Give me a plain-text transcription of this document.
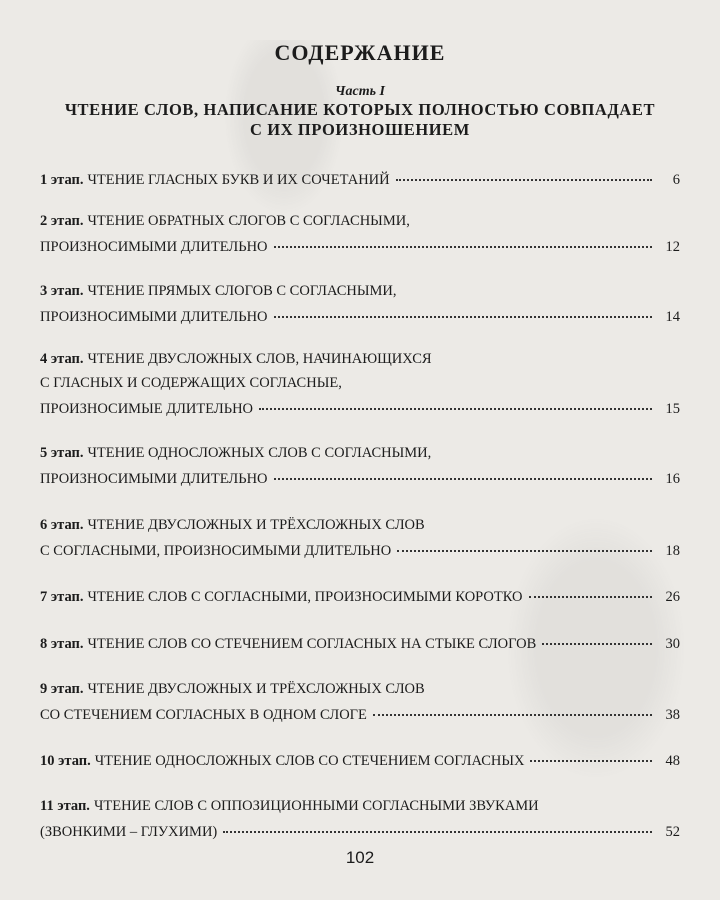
СОДЕРЖАНИЕ
Часть I
ЧТЕНИЕ СЛОВ, НАПИСАНИЕ КОТОРЫХ ПОЛНОСТЬЮ СОВПАДАЕТ С ИХ ПРОИЗНОШЕНИЕМ
1 этап. ЧТЕНИЕ ГЛАСНЫХ БУКВ И ИХ СОЧЕТАНИЙ	6
2 этап. ЧТЕНИЕ ОБРАТНЫХ СЛОГОВ С СОГЛАСНЫМИ,
ПРОИЗНОСИМЫМИ ДЛИТЕЛЬНО	12
3 этап. ЧТЕНИЕ ПРЯМЫХ СЛОГОВ С СОГЛАСНЫМИ,
ПРОИЗНОСИМЫМИ ДЛИТЕЛЬНО	14
4 этап. ЧТЕНИЕ ДВУСЛОЖНЫХ СЛОВ, НАЧИНАЮЩИХСЯ
С ГЛАСНЫХ И СОДЕРЖАЩИХ СОГЛАСНЫЕ,
ПРОИЗНОСИМЫЕ ДЛИТЕЛЬНО	15
5 этап. ЧТЕНИЕ ОДНОСЛОЖНЫХ СЛОВ С СОГЛАСНЫМИ,
ПРОИЗНОСИМЫМИ ДЛИТЕЛЬНО	16
6 этап. ЧТЕНИЕ ДВУСЛОЖНЫХ И ТРЁХСЛОЖНЫХ СЛОВ
С СОГЛАСНЫМИ, ПРОИЗНОСИМЫМИ ДЛИТЕЛЬНО	18
7 этап. ЧТЕНИЕ СЛОВ С СОГЛАСНЫМИ, ПРОИЗНОСИМЫМИ КОРОТКО	26
8 этап. ЧТЕНИЕ СЛОВ СО СТЕЧЕНИЕМ СОГЛАСНЫХ НА СТЫКЕ СЛОГОВ	30
9 этап. ЧТЕНИЕ ДВУСЛОЖНЫХ И ТРЁХСЛОЖНЫХ СЛОВ
СО СТЕЧЕНИЕМ СОГЛАСНЫХ В ОДНОМ СЛОГЕ	38
10 этап. ЧТЕНИЕ ОДНОСЛОЖНЫХ СЛОВ СО СТЕЧЕНИЕМ СОГЛАСНЫХ	48
11 этап. ЧТЕНИЕ СЛОВ С ОППОЗИЦИОННЫМИ СОГЛАСНЫМИ ЗВУКАМИ
(ЗВОНКИМИ – ГЛУХИМИ)	52
102
